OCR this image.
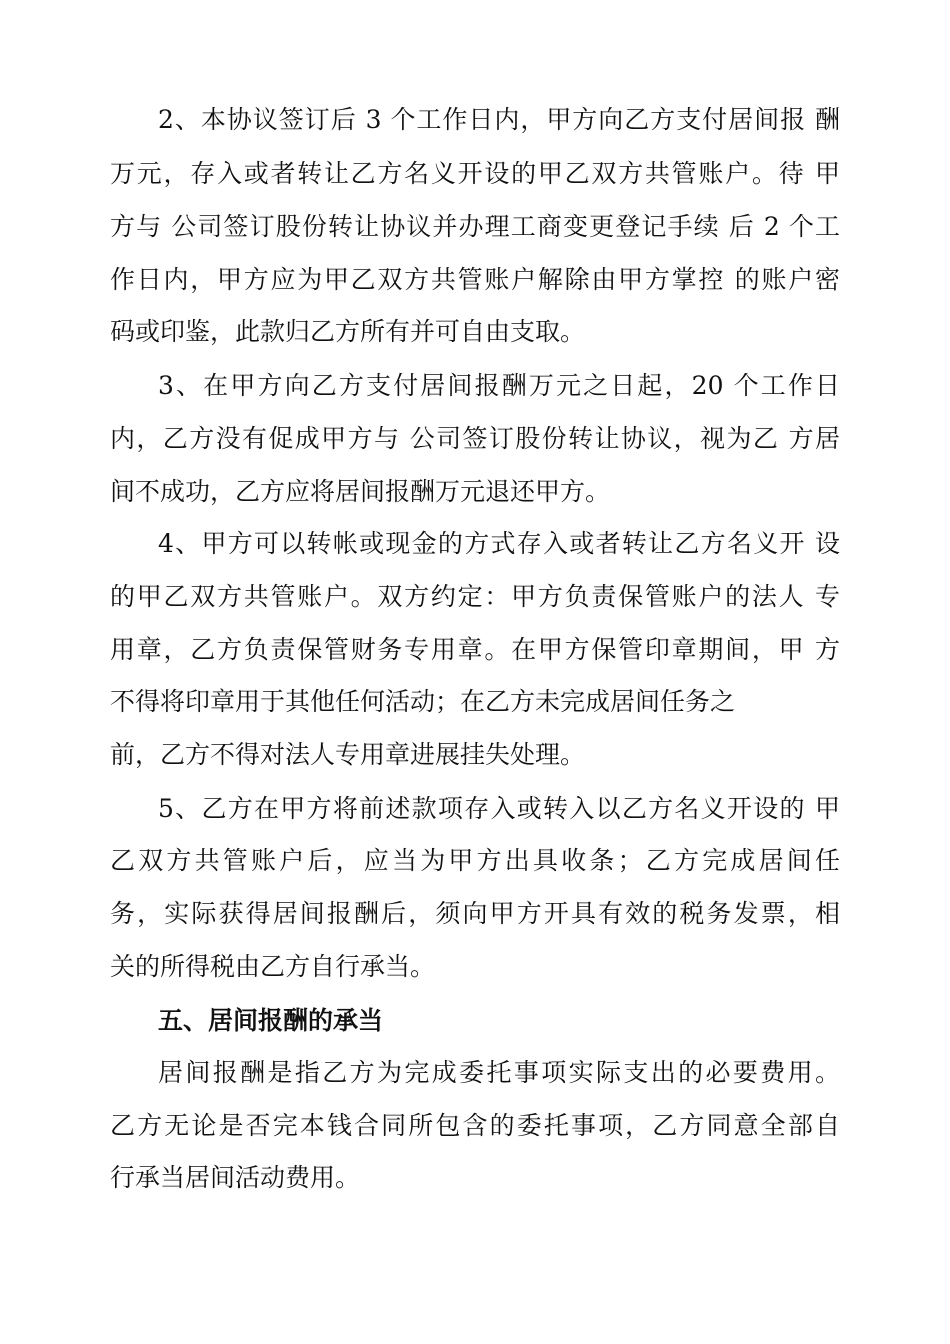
2、本协议签订后 3 个工作日内，甲方向乙方支付居间报 酬
万元，存入或者转让乙方名义开设的甲乙双方共管账户。待 甲
方与 公司签订股份转让协议并办理工商变更登记手续 后 2 个工
作日内，甲方应为甲乙双方共管账户解除由甲方掌控 的账户密
码或印鉴，此款归乙方所有并可自由支取。
3、在甲方向乙方支付居间报酬万元之日起，20 个工作日
内，乙方没有促成甲方与 公司签订股份转让协议，视为乙 方居
间不成功，乙方应将居间报酬万元退还甲方。
4、甲方可以转帐或现金的方式存入或者转让乙方名义开 设
的甲乙双方共管账户。双方约定：甲方负责保管账户的法人 专
用章，乙方负责保管财务专用章。在甲方保管印章期间，甲 方
不得将印章用于其他任何活动；在乙方未完成居间任务之
前，乙方不得对法人专用章进展挂失处理。
5、乙方在甲方将前述款项存入或转入以乙方名义开设的 甲
乙双方共管账户后，应当为甲方出具收条；乙方完成居间任
务，实际获得居间报酬后，须向甲方开具有效的税务发票，相
关的所得税由乙方自行承当。
五、居间报酬的承当
居间报酬是指乙方为完成委托事项实际支出的必要费用。
乙方无论是否完本钱合同所包含的委托事项，乙方同意全部自
行承当居间活动费用。
